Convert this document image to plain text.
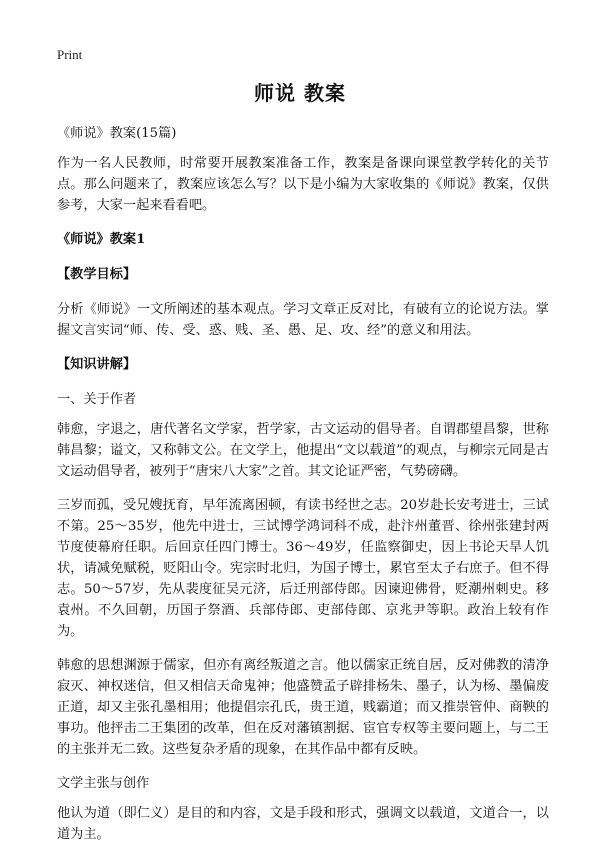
Print
师说 教案

《师说》教案(15篇)

作为一名人民教师，时常要开展教案准备工作，教案是备课向课堂教学转化的关节点。那么问题来了，教案应该怎么写？以下是小编为大家收集的《师说》教案，仅供参考，大家一起来看看吧。

《师说》教案1

【教学目标】

分析《师说》一文所阐述的基本观点。学习文章正反对比，有破有立的论说方法。掌握文言实词“师、传、受、惑、贱、圣、愚、足、攻、经”的意义和用法。

【知识讲解】

一、关于作者

韩愈，字退之，唐代著名文学家，哲学家，古文运动的倡导者。自谓郡望昌黎，世称韩昌黎；谥文，又称韩文公。在文学上，他提出“文以载道”的观点，与柳宗元同是古文运动倡导者，被列于“唐宋八大家”之首。其文论证严密，气势磅礴。

三岁而孤，受兄嫂抚育，早年流离困顿，有读书经世之志。20岁赴长安考进士，三试不第。25～35岁，他先中进士，三试博学鸿词科不成，赴汴州董晋、徐州张建封两节度使幕府任职。后回京任四门博士。36～49岁，任监察御史，因上书论天旱人饥状，请减免赋税，贬阳山令。宪宗时北归，为国子博士，累官至太子右庶子。但不得志。50～57岁，先从裴度征吴元济，后迁刑部侍郎。因谏迎佛骨，贬潮州刺史。移袁州。不久回朝，历国子祭酒、兵部侍郎、吏部侍郎、京兆尹等职。政治上较有作为。

韩愈的思想渊源于儒家，但亦有离经叛道之言。他以儒家正统自居，反对佛教的清净寂灭、神权迷信，但又相信天命鬼神；他盛赞孟子辟排杨朱、墨子，认为杨、墨偏废正道，却又主张孔墨相用；他提倡宗孔氏，贵王道，贱霸道；而又推崇管仲、商鞅的事功。他抨击二王集团的改革，但在反对藩镇割据、宦官专权等主要问题上，与二王的主张并无二致。这些复杂矛盾的现象，在其作品中都有反映。

文学主张与创作

他认为道（即仁义）是目的和内容，文是手段和形式，强调文以载道，文道合一，以道为主。
